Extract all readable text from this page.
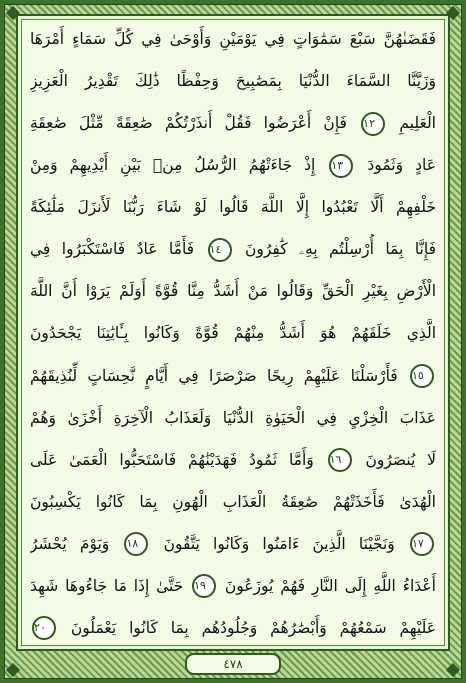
فَقَضَىٰهُنَّ سَبْعَ سَمَٰوَاتٍ فِي يَوْمَيْنِ وَأَوْحَىٰ فِي كُلِّ سَمَاءٍ أَمْرَهَا
وَزَيَّنَّا السَّمَاءَ الدُّنْيَا بِمَصَٰبِيحَ وَحِفْظًا ذَٰلِكَ تَقْدِيرُ الْعَزِيزِ
الْعَلِيمِ ١٢ فَإِنْ أَعْرَضُوا فَقُلْ أَنذَرْتُكُمْ صَٰعِقَةً مِّثْلَ صَٰعِقَةِ
عَادٍ وَثَمُودَ ١٣ إِذْ جَاءَتْهُمُ الرُّسُلُ مِنۢ بَيْنِ أَيْدِيهِمْ وَمِنْ
خَلْفِهِمْ أَلَّا تَعْبُدُوا إِلَّا اللَّهَ قَالُوا لَوْ شَاءَ رَبُّنَا لَأَنزَلَ مَلَٰئِكَةً
فَإِنَّا بِمَا أُرْسِلْتُم بِهِۦ كَٰفِرُونَ ١٤ فَأَمَّا عَادٌ فَاسْتَكْبَرُوا فِي
الْأَرْضِ بِغَيْرِ الْحَقِّ وَقَالُوا مَنْ أَشَدُّ مِنَّا قُوَّةً أَوَلَمْ يَرَوْا أَنَّ اللَّهَ
الَّذِي خَلَقَهُمْ هُوَ أَشَدُّ مِنْهُمْ قُوَّةً وَكَانُوا بِـَٔايَٰتِنَا يَجْحَدُونَ
١٥ فَأَرْسَلْنَا عَلَيْهِمْ رِيحًا صَرْصَرًا فِي أَيَّامٍ نَّحِسَاتٍ لِّنُذِيقَهُمْ
عَذَابَ الْخِزْيِ فِي الْحَيَوٰةِ الدُّنْيَا وَلَعَذَابُ الْآخِرَةِ أَخْزَىٰ وَهُمْ
لَا يُنصَرُونَ ١٦ وَأَمَّا ثَمُودُ فَهَدَيْنَٰهُمْ فَاسْتَحَبُّوا الْعَمَىٰ عَلَى
الْهُدَىٰ فَأَخَذَتْهُمْ صَٰعِقَةُ الْعَذَابِ الْهُونِ بِمَا كَانُوا يَكْسِبُونَ
١٧ وَنَجَّيْنَا الَّذِينَ ءَامَنُوا وَكَانُوا يَتَّقُونَ ١٨ وَيَوْمَ يُحْشَرُ
أَعْدَاءُ اللَّهِ إِلَى النَّارِ فَهُمْ يُوزَعُونَ ١٩ حَتَّىٰ إِذَا مَا جَاءُوهَا شَهِدَ
عَلَيْهِمْ سَمْعُهُمْ وَأَبْصَٰرُهُمْ وَجُلُودُهُم بِمَا كَانُوا يَعْمَلُونَ ٢٠
٤٧٨
